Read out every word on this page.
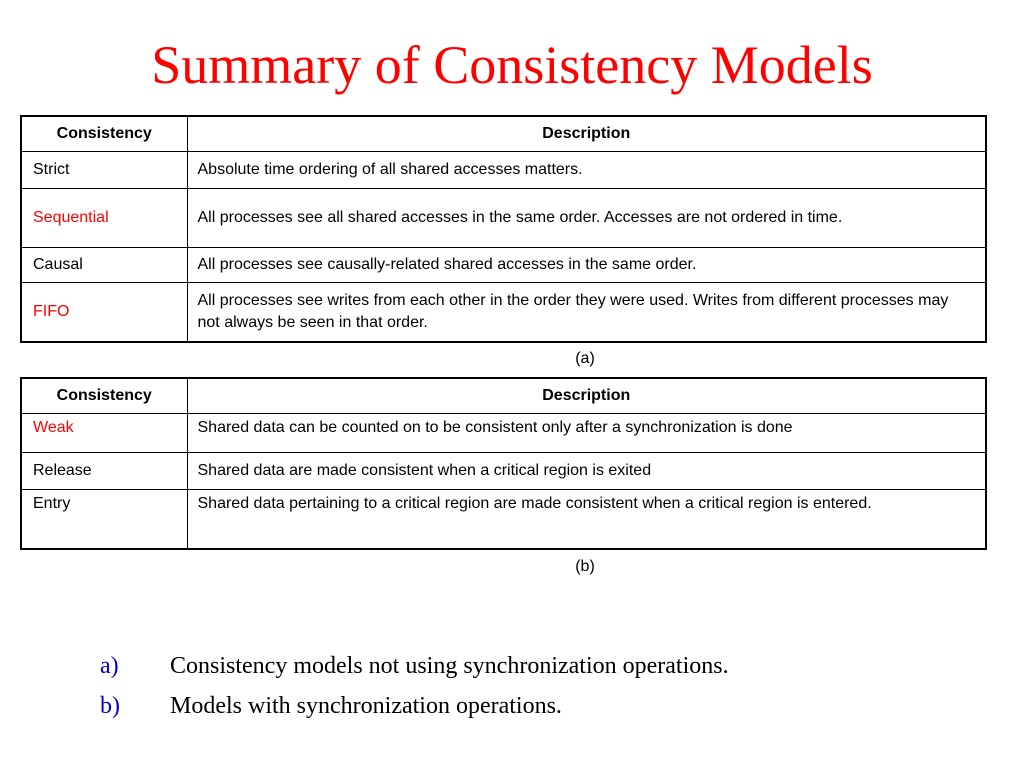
Summary of Consistency Models
Consistency	Description
Strict	Absolute time ordering of all shared accesses matters.
Sequential	All processes see all shared accesses in the same order. Accesses are not ordered in time.
Causal	All processes see causally-related shared accesses in the same order.
FIFO	All processes see writes from each other in the order they were used. Writes from different processes may not always be seen in that order.
(a)
Consistency	Description
Weak	Shared data can be counted on to be consistent only after a synchronization is done
Release	Shared data are made consistent when a critical region is exited
Entry	Shared data pertaining to a critical region are made consistent when a critical region is entered.
(b)
a)	Consistency models not using synchronization operations.
b)	Models with synchronization operations.
